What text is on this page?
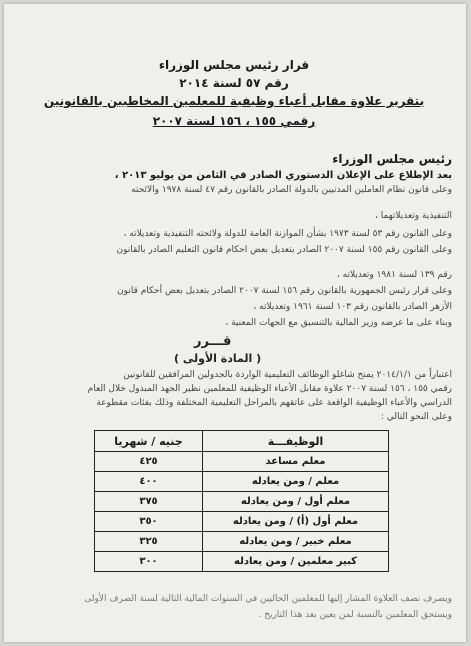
قرار رئيس مجلس الوزراء
رقم ٥٧ لسنة ٢٠١٤
بتقرير علاوة مقابل أعباء وظيفية للمعلمين المخاطبين بالقانونين
رقمي ١٥٥ ، ١٥٦ لسنة ٢٠٠٧
رئيس مجلس الوزراء
بعد الإطلاع على الإعلان الدستوري الصادر في الثامن من يوليو ٢٠١٣ ،
وعلى قانون نظام العاملين المدنيين بالدولة الصادر بالقانون رقم ٤٧ لسنة ١٩٧٨ والائحته
التنفيذية وتعديلاتهما ،
وعلى القانون رقم ٥٣ لسنة ١٩٧٣ بشأن الموازنة العامة للدولة ولائحته التنفيذية وتعديلاته ،
وعلى القانون رقم ١٥٥ لسنة ٢٠٠٧ الصادر بتعديل بعض احكام قانون التعليم الصادر بالقانون
رقم ١٣٩ لسنة ١٩٨١ وتعديلاته ،
وعلى قرار رئيس الجمهورية بالقانون رقم ١٥٦ لسنة ٢٠٠٧ الصادر بتعديل بعض أحكام قانون
الأزهر الصادر بالقانون رقم ١٠٣ لسنة ١٩٦١ وتعديلاته ،
وبناء على ما عرضه وزير المالية بالتنسيق مع الجهات المعنية ،
قـــرر
( المادة الأولى )
اعتباراً من ٢٠١٤/١/١ يمنح شاغلو الوظائف التعليمية الواردة بالجدولين المرافقين للقانونين
رقمي ١٥٥ ، ١٥٦ لسنة ٢٠٠٧ علاوة مقابل الأعباء الوظيفية للمعلمين نظير الجهد المبذول خلال العام
الدراسي والأعباء الوظيفية الواقعة على عاتقهم بالمراحل التعليمية المختلفة وذلك بفئات مقطوعة
وعلى النحو التالي :
الوظيفـــة	جنيه / شهريا
معلم مساعد	٤٢٥
معلم / ومن يعادله	٤٠٠
معلم أول / ومن يعادله	٣٧٥
معلم أول (أ) / ومن يعادله	٣٥٠
معلم خبير / ومن يعادله	٣٢٥
كبير معلمين / ومن يعادله	٣٠٠
ويصرف نصف العلاوة المشار إليها للمعلمين الحاليين في السنوات المالية التالية لسنة الصرف الأولى
ويستحق المعلمين بالنسبة لمن يعين بعد هذا التاريخ .
